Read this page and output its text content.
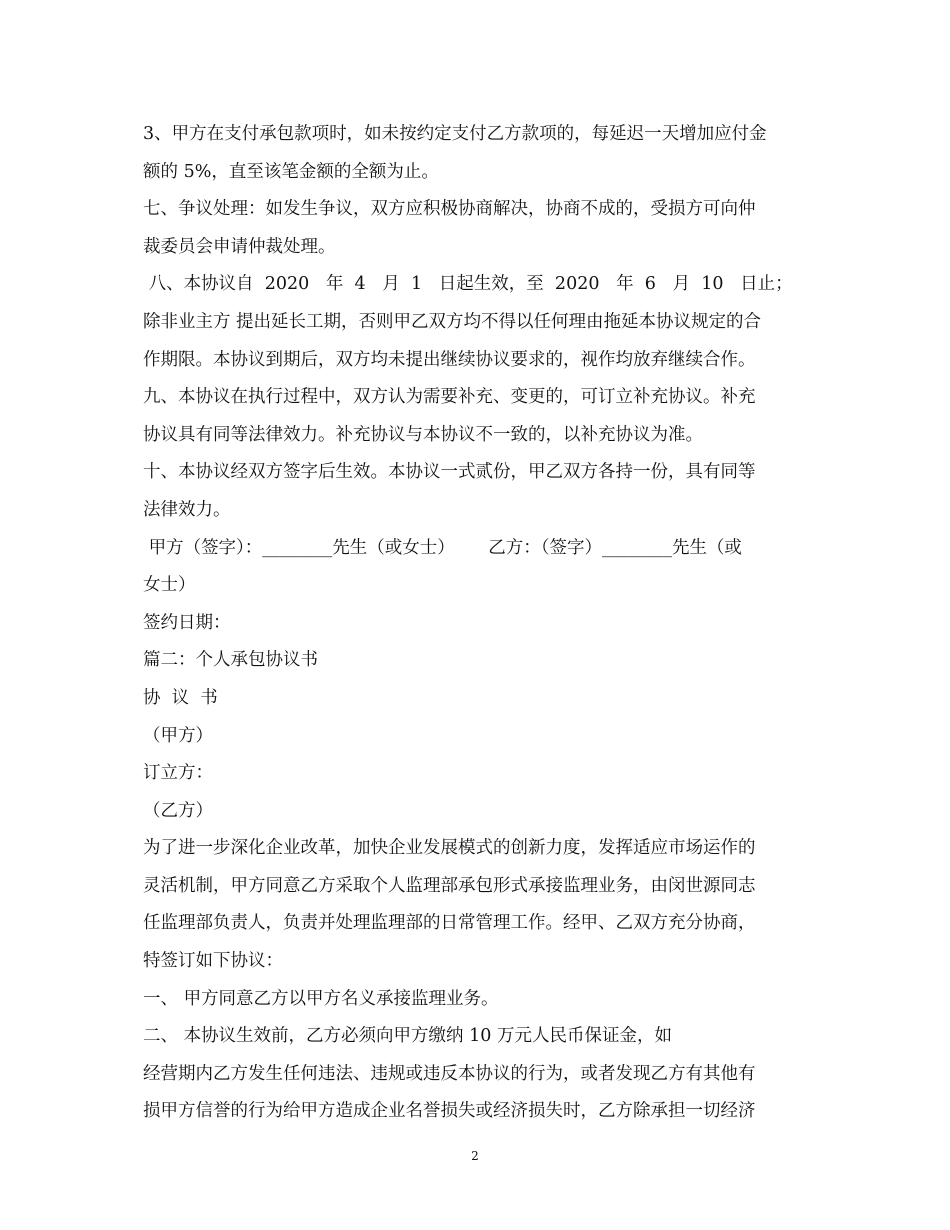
3、甲方在支付承包款项时，如未按约定支付乙方款项的，每延迟一天增加应付金
额的 5%，直至该笔金额的全额为止。
七、争议处理：如发生争议，双方应积极协商解决，协商不成的，受损方可向仲
裁委员会申请仲裁处理。
八、本协议自  2020   年  4   月  1   日起生效，至  2020   年  6   月  10   日止；
除非业主方 提出延长工期，否则甲乙双方均不得以任何理由拖延本协议规定的合
作期限。本协议到期后，双方均未提出继续协议要求的，视作均放弃继续合作。
九、本协议在执行过程中，双方认为需要补充、变更的，可订立补充协议。补充
协议具有同等法律效力。补充协议与本协议不一致的，以补充协议为准。
十、本协议经双方签字后生效。本协议一式贰份，甲乙双方各持一份，具有同等
法律效力。
甲方（签字）：________先生（或女士）      乙方：（签字）________先生（或
女士）
签约日期：
篇二：个人承包协议书
协  议  书
（甲方）
订立方：
（乙方）
为了进一步深化企业改革，加快企业发展模式的创新力度，发挥适应市场运作的
灵活机制，甲方同意乙方采取个人监理部承包形式承接监理业务，由闵世源同志
任监理部负责人，负责并处理监理部的日常管理工作。经甲、乙双方充分协商，
特签订如下协议：
一、 甲方同意乙方以甲方名义承接监理业务。
二、 本协议生效前，乙方必须向甲方缴纳 10 万元人民币保证金，如
经营期内乙方发生任何违法、违规或违反本协议的行为，或者发现乙方有其他有
损甲方信誉的行为给甲方造成企业名誉损失或经济损失时，乙方除承担一切经济
2
